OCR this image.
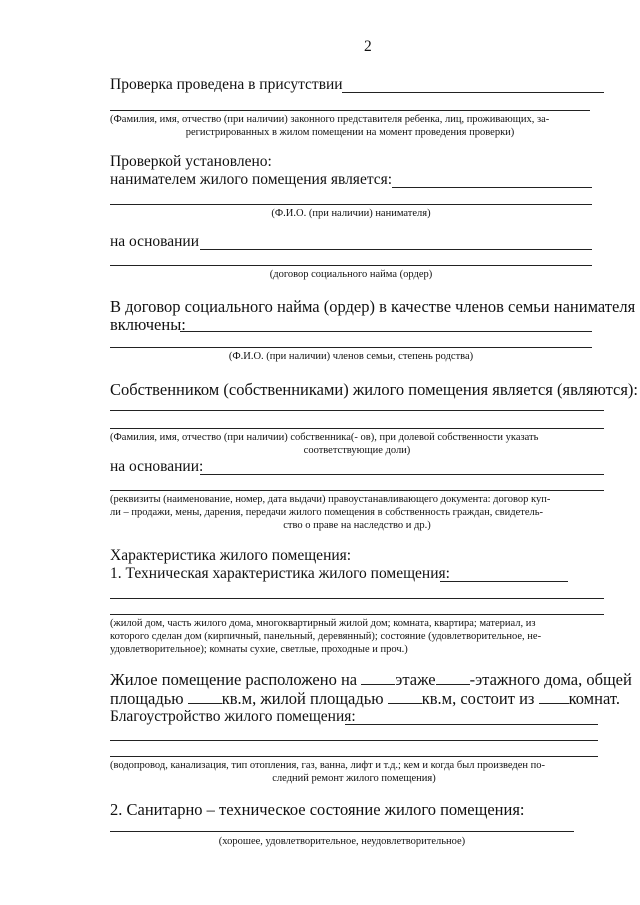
2
Проверка проведена в присутствии
(Фамилия, имя, отчество (при наличии) законного представителя ребенка, лиц, проживающих, за-
регистрированных в жилом помещении на момент проведения проверки)
Проверкой установлено:
нанимателем жилого помещения является:
(Ф.И.О. (при наличии) нанимателя)
на основании
(договор социального найма (ордер)
В договор социального найма (ордер) в качестве членов семьи нанимателя
включены:
(Ф.И.О. (при наличии) членов семьи, степень родства)
Собственником (собственниками) жилого помещения является (являются):
(Фамилия, имя, отчество (при наличии) собственника(- ов), при долевой собственности указать
соответствующие доли)
на основании:
(реквизиты (наименование, номер, дата выдачи) правоустанавливающего документа: договор куп-
ли – продажи, мены, дарения, передачи жилого помещения в собственность граждан, свидетель-
ство о праве на наследство и др.)
Характеристика жилого помещения:
1. Техническая характеристика жилого помещения:
(жилой дом, часть жилого дома, многоквартирный жилой дом; комната, квартира; материал, из
которого сделан дом (кирпичный, панельный, деревянный); состояние (удовлетворительное, не-
удовлетворительное); комнаты сухие, светлые, проходные и проч.)
Жилое помещение расположено на этаже -этажного дома, общей
площадью кв.м, жилой площадью кв.м, состоит из комнат.
Благоустройство жилого помещения:
(водопровод, канализация, тип отопления, газ, ванна, лифт и т.д.; кем и когда был произведен по-
следний ремонт жилого помещения)
2. Санитарно – техническое состояние жилого помещения:
(хорошее, удовлетворительное, неудовлетворительное)
